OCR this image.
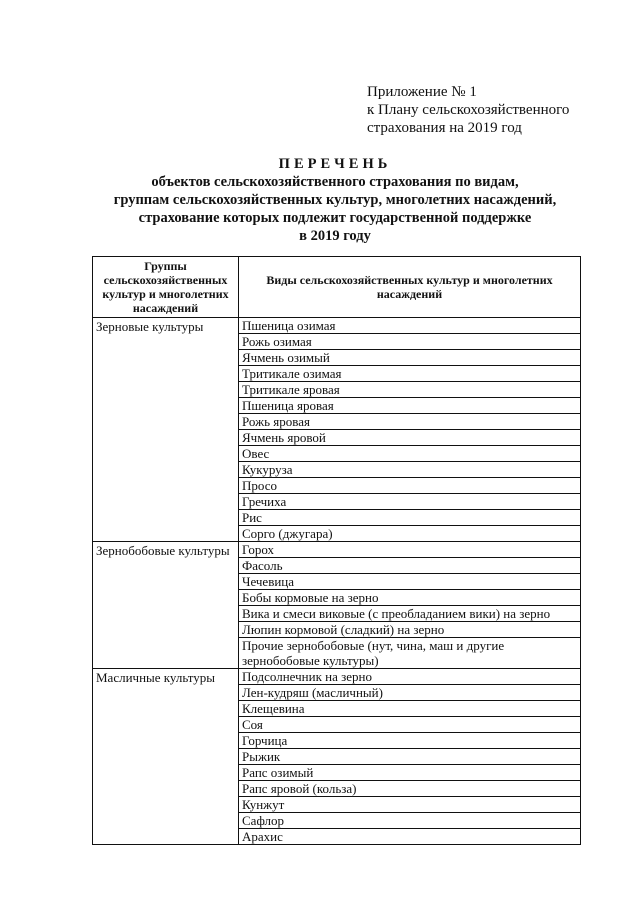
Приложение № 1
к Плану сельскохозяйственного
страхования на 2019 год
ПЕРЕЧЕНЬ
объектов сельскохозяйственного страхования по видам,
группам сельскохозяйственных культур, многолетних насаждений,
страхование которых подлежит государственной поддержке
в 2019 году
Группы сельскохозяйственных культур и многолетних насаждений	Виды сельскохозяйственных культур и многолетних насаждений
Зерновые культуры	Пшеница озимая
	Рожь озимая
	Ячмень озимый
	Тритикале озимая
	Тритикале яровая
	Пшеница яровая
	Рожь яровая
	Ячмень яровой
	Овес
	Кукуруза
	Просо
	Гречиха
	Рис
	Сорго (джугара)
Зернобобовые культуры	Горох
	Фасоль
	Чечевица
	Бобы кормовые на зерно
	Вика и смеси виковые (с преобладанием вики) на зерно
	Люпин кормовой (сладкий) на зерно
	Прочие зернобобовые (нут, чина, маш и другие зернобобовые культуры)
Масличные культуры	Подсолнечник на зерно
	Лен-кудряш (масличный)
	Клещевина
	Соя
	Горчица
	Рыжик
	Рапс озимый
	Рапс яровой (кольза)
	Кунжут
	Сафлор
	Арахис
